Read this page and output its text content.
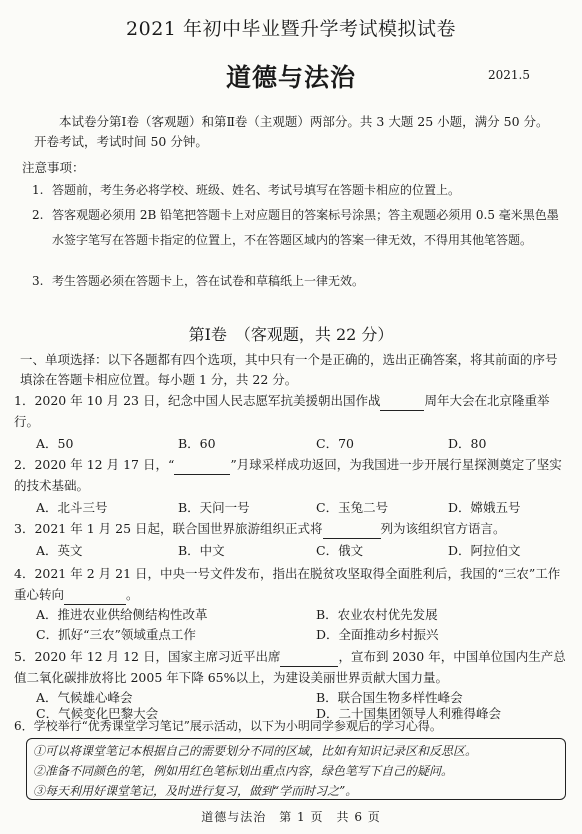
2021 年初中毕业暨升学考试模拟试卷
道德与法治	2021.5
本试卷分第Ⅰ卷（客观题）和第Ⅱ卷（主观题）两部分。共 3 大题 25 小题，满分 50 分。开卷考试，考试时间 50 分钟。
注意事项：
1. 答题前，考生务必将学校、班级、姓名、考试号填写在答题卡相应的位置上。
2. 答客观题必须用 2B 铅笔把答题卡上对应题目的答案标号涂黑；答主观题必须用 0.5 毫米黑色墨水签字笔写在答题卡指定的位置上，不在答题区域内的答案一律无效，不得用其他笔答题。
3. 考生答题必须在答题卡上，答在试卷和草稿纸上一律无效。
第Ⅰ卷　（客观题，共 22 分）
一、单项选择：以下各题都有四个选项，其中只有一个是正确的，选出正确答案，将其前面的序号填涂在答题卡相应位置。每小题 1 分，共 22 分。
1．2020 年 10 月 23 日，纪念中国人民志愿军抗美援朝出国作战	周年大会在北京隆重举行。
A．50	B．60	C．70	D．80
2．2020 年 12 月 17 日，“	”月球采样成功返回，为我国进一步开展行星探测奠定了坚实的技术基础。
A．北斗三号	B．天问一号	C．玉兔二号	D．嫦娥五号
3．2021 年 1 月 25 日起，联合国世界旅游组织正式将	列为该组织官方语言。
A．英文	B．中文	C．俄文	D．阿拉伯文
4．2021 年 2 月 21 日，中央一号文件发布，指出在脱贫攻坚取得全面胜利后，我国的“三农”工作重心转向	。
A．推进农业供给侧结构性改革	B．农业农村优先发展
C．抓好“三农”领域重点工作	D．全面推动乡村振兴
5．2020 年 12 月 12 日，国家主席习近平出席	，宣布到 2030 年，中国单位国内生产总值二氧化碳排放将比 2005 年下降 65%以上，为建设美丽世界贡献大国力量。
A．气候雄心峰会	B．联合国生物多样性峰会
C．气候变化巴黎大会	D．二十国集团领导人利雅得峰会
①可以将课堂笔记本根据自己的需要划分不同的区域，比如有知识记录区和反思区。
②准备不同颜色的笔，例如用红色笔标划出重点内容，绿色笔写下自己的疑问。
③每天利用好课堂笔记，及时进行复习，做到“学而时习之”。
6．学校举行“优秀课堂学习笔记”展示活动，以下为小明同学参观后的学习心得。
道德与法治　第 1 页　共 6 页
